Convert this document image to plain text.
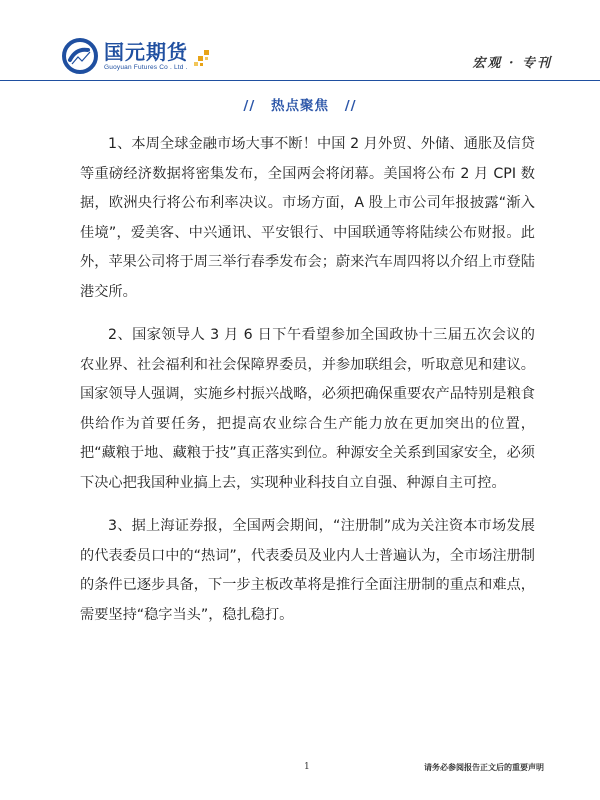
国元期货
Guoyuan Futures Co . Ltd .	宏观 · 专刊
// 热点聚焦 //

1、本周全球金融市场大事不断！中国 2 月外贸、外储、通胀及信贷等重磅经济数据将密集发布，全国两会将闭幕。美国将公布 2 月 CPI 数据，欧洲央行将公布利率决议。市场方面，A 股上市公司年报披露“渐入佳境”，爱美客、中兴通讯、平安银行、中国联通等将陆续公布财报。此外，苹果公司将于周三举行春季发布会；蔚来汽车周四将以介绍上市登陆港交所。

2、国家领导人 3 月 6 日下午看望参加全国政协十三届五次会议的农业界、社会福利和社会保障界委员，并参加联组会，听取意见和建议。国家领导人强调，实施乡村振兴战略，必须把确保重要农产品特别是粮食供给作为首要任务，把提高农业综合生产能力放在更加突出的位置，把“藏粮于地、藏粮于技”真正落实到位。种源安全关系到国家安全，必须下决心把我国种业搞上去，实现种业科技自立自强、种源自主可控。

3、据上海证券报，全国两会期间，“注册制”成为关注资本市场发展的代表委员口中的“热词”，代表委员及业内人士普遍认为，全市场注册制的条件已逐步具备，下一步主板改革将是推行全面注册制的重点和难点，需要坚持“稳字当头”，稳扎稳打。

1	请务必参阅报告正文后的重要声明
